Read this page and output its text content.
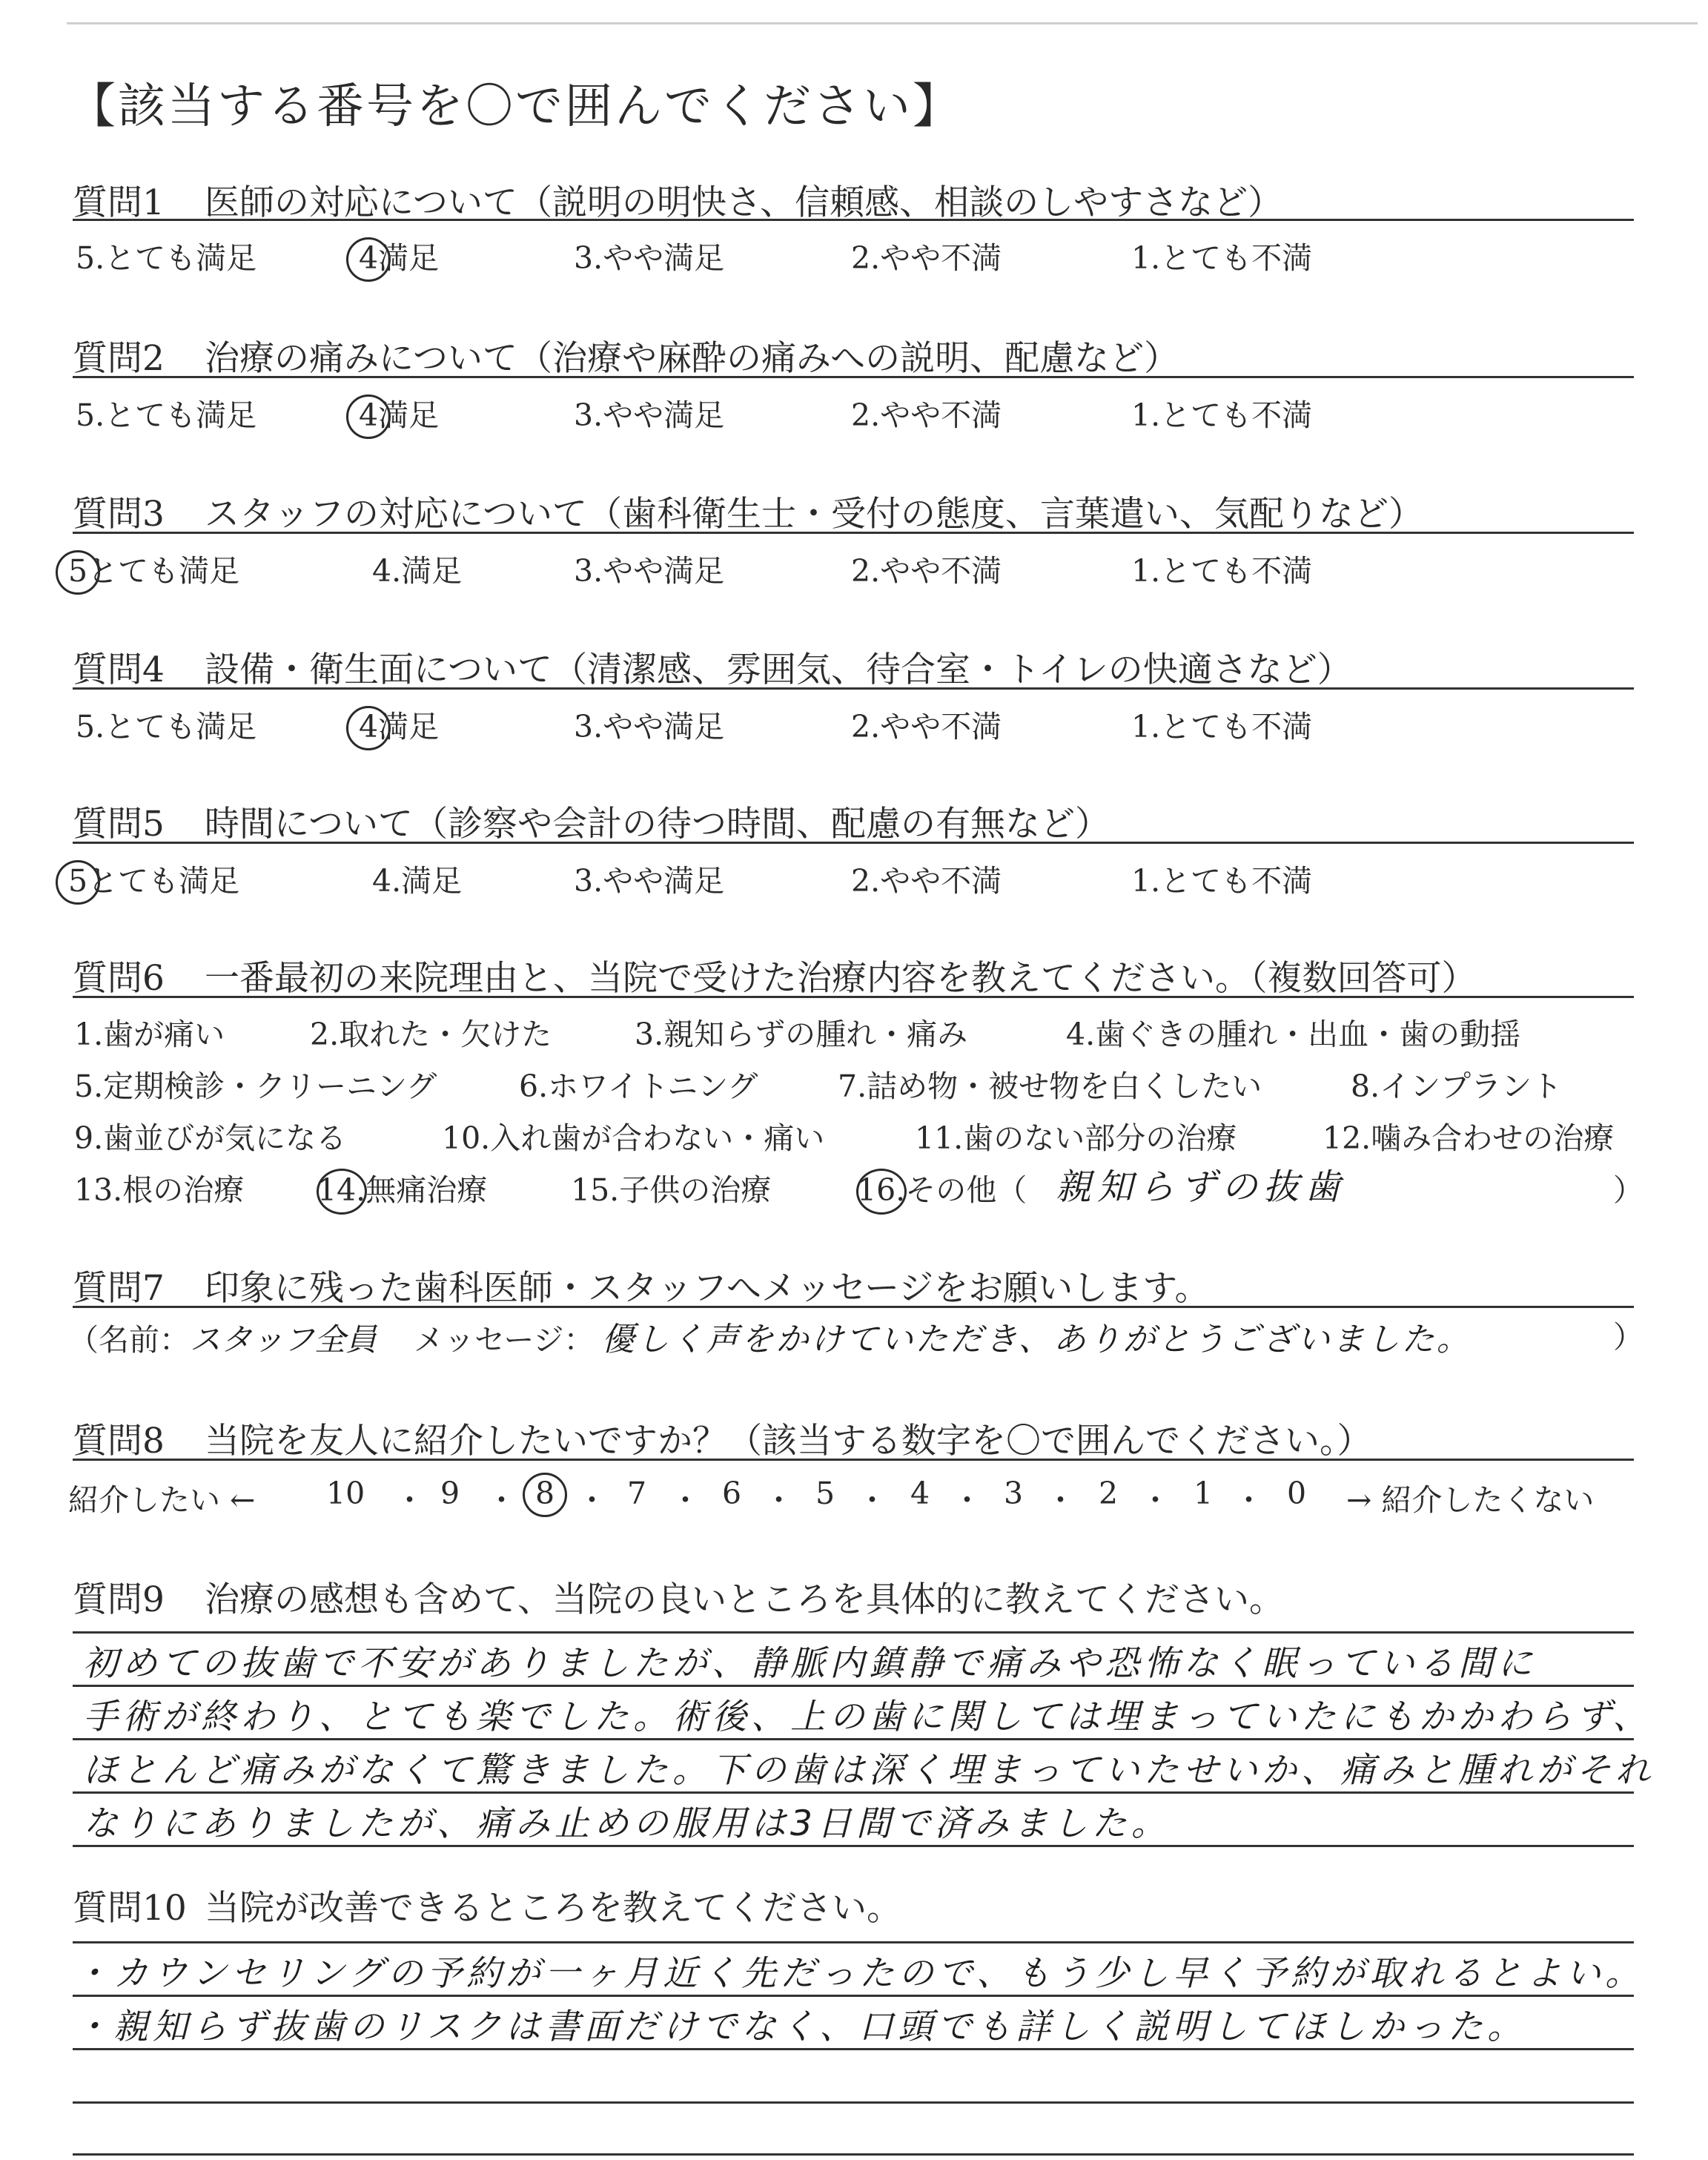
【該当する番号を〇で囲んでください】
質問1 医師の対応について（説明の明快さ、信頼感、相談のしやすさなど）
5.とても満足	4満足	3.やや満足	2.やや不満	1.とても不満
質問2 治療の痛みについて（治療や麻酔の痛みへの説明、配慮など）
5.とても満足	4満足	3.やや満足	2.やや不満	1.とても不満
質問3 スタッフの対応について（歯科衛生士・受付の態度、言葉遣い、気配りなど）
5とても満足	4.満足	3.やや満足	2.やや不満	1.とても不満
質問4 設備・衛生面について（清潔感、雰囲気、待合室・トイレの快適さなど）
5.とても満足	4満足	3.やや満足	2.やや不満	1.とても不満
質問5 時間について（診察や会計の待つ時間、配慮の有無など）
5とても満足	4.満足	3.やや満足	2.やや不満	1.とても不満
質問6 一番最初の来院理由と、当院で受けた治療内容を教えてください。（複数回答可）
1.歯が痛い	2.取れた・欠けた	3.親知らずの腫れ・痛み	4.歯ぐきの腫れ・出血・歯の動揺
5.定期検診・クリーニング	6.ホワイトニング	7.詰め物・被せ物を白くしたい	8.インプラント
9.歯並びが気になる	10.入れ歯が合わない・痛い	11.歯のない部分の治療	12.噛み合わせの治療
13.根の治療 14.無痛治療	15.子供の治療	16.その他（ 親知らずの抜歯	）
質問7 印象に残った歯科医師・スタッフへメッセージをお願いします。
（名前：スタッフ全員 メッセージ： 優しく声をかけていただき、ありがとうございました。	）
質問8 当院を友人に紹介したいですか？（該当する数字を〇で囲んでください。）
紹介したい ← 10 ・ 9 ・ 8 ・ 7 ・ 6 ・ 5 ・ 4 ・ 3 ・ 2 ・ 1 ・ 0 → 紹介したくない
質問9 治療の感想も含めて、当院の良いところを具体的に教えてください。
初めての抜歯で不安がありましたが、静脈内鎮静で痛みや恐怖なく眠っている間に
手術が終わり、とても楽でした。術後、上の歯に関しては埋まっていたにもかかわらず、
ほとんど痛みがなくて驚きました。下の歯は深く埋まっていたせいか、痛みと腫れがそれ
なりにありましたが、痛み止めの服用は3日間で済みました。
質問10 当院が改善できるところを教えてください。
・カウンセリングの予約が一ヶ月近く先だったので、もう少し早く予約が取れるとよい。
・親知らず抜歯のリスクは書面だけでなく、口頭でも詳しく説明してほしかった。
